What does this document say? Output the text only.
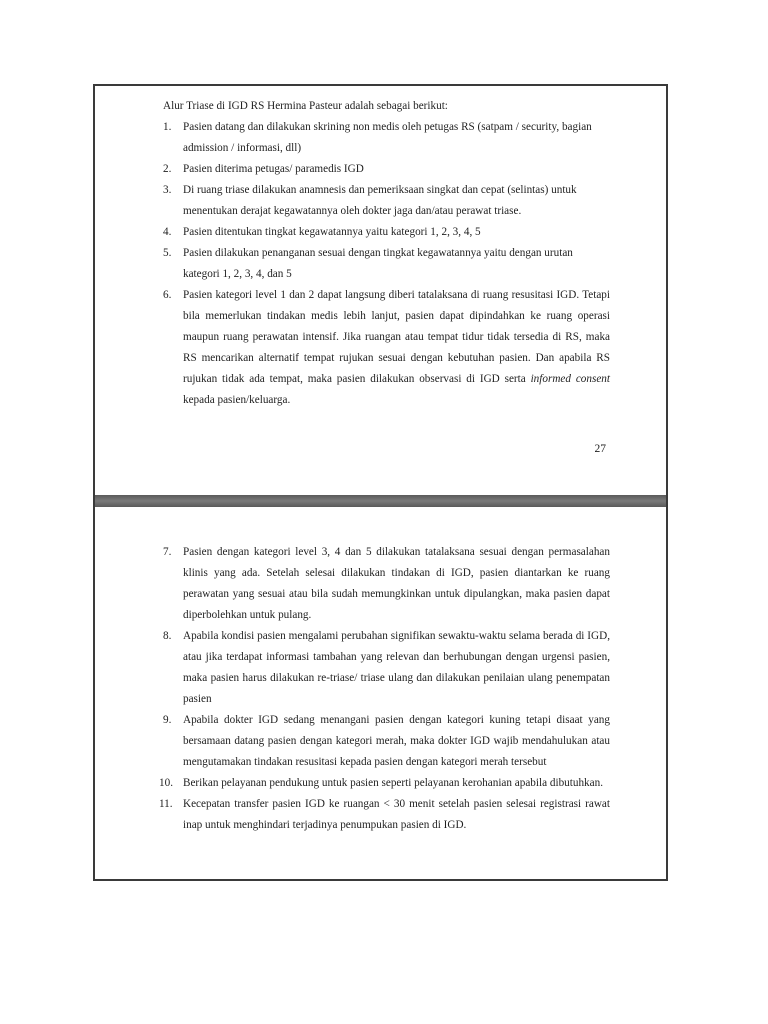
Alur Triase di IGD RS Hermina Pasteur adalah sebagai berikut:
1. Pasien datang dan dilakukan skrining non medis oleh petugas RS (satpam / security, bagian admission / informasi, dll)
2. Pasien diterima petugas/ paramedis IGD
3. Di ruang triase dilakukan anamnesis dan pemeriksaan singkat dan cepat (selintas) untuk menentukan derajat kegawatannya oleh dokter jaga dan/atau perawat triase.
4. Pasien ditentukan tingkat kegawatannya yaitu kategori 1, 2, 3, 4, 5
5. Pasien dilakukan penanganan sesuai dengan tingkat kegawatannya yaitu dengan urutan kategori 1, 2, 3, 4, dan 5
6. Pasien kategori level 1 dan 2 dapat langsung diberi tatalaksana di ruang resusitasi IGD. Tetapi bila memerlukan tindakan medis lebih lanjut, pasien dapat dipindahkan ke ruang operasi maupun ruang perawatan intensif. Jika ruangan atau tempat tidur tidak tersedia di RS, maka RS mencarikan alternatif tempat rujukan sesuai dengan kebutuhan pasien. Dan apabila RS rujukan tidak ada tempat, maka pasien dilakukan observasi di IGD serta informed consent kepada pasien/keluarga.
27
7. Pasien dengan kategori level 3, 4 dan 5 dilakukan tatalaksana sesuai dengan permasalahan klinis yang ada. Setelah selesai dilakukan tindakan di IGD, pasien diantarkan ke ruang perawatan yang sesuai atau bila sudah memungkinkan untuk dipulangkan, maka pasien dapat diperbolehkan untuk pulang.
8. Apabila kondisi pasien mengalami perubahan signifikan sewaktu-waktu selama berada di IGD, atau jika terdapat informasi tambahan yang relevan dan berhubungan dengan urgensi pasien, maka pasien harus dilakukan re-triase/ triase ulang dan dilakukan penilaian ulang penempatan pasien
9. Apabila dokter IGD sedang menangani pasien dengan kategori kuning tetapi disaat yang bersamaan datang pasien dengan kategori merah, maka dokter IGD wajib mendahulukan atau mengutamakan tindakan resusitasi kepada pasien dengan kategori merah tersebut
10. Berikan pelayanan pendukung untuk pasien seperti pelayanan kerohanian apabila dibutuhkan.
11. Kecepatan transfer pasien IGD ke ruangan < 30 menit setelah pasien selesai registrasi rawat inap untuk menghindari terjadinya penumpukan pasien di IGD.
